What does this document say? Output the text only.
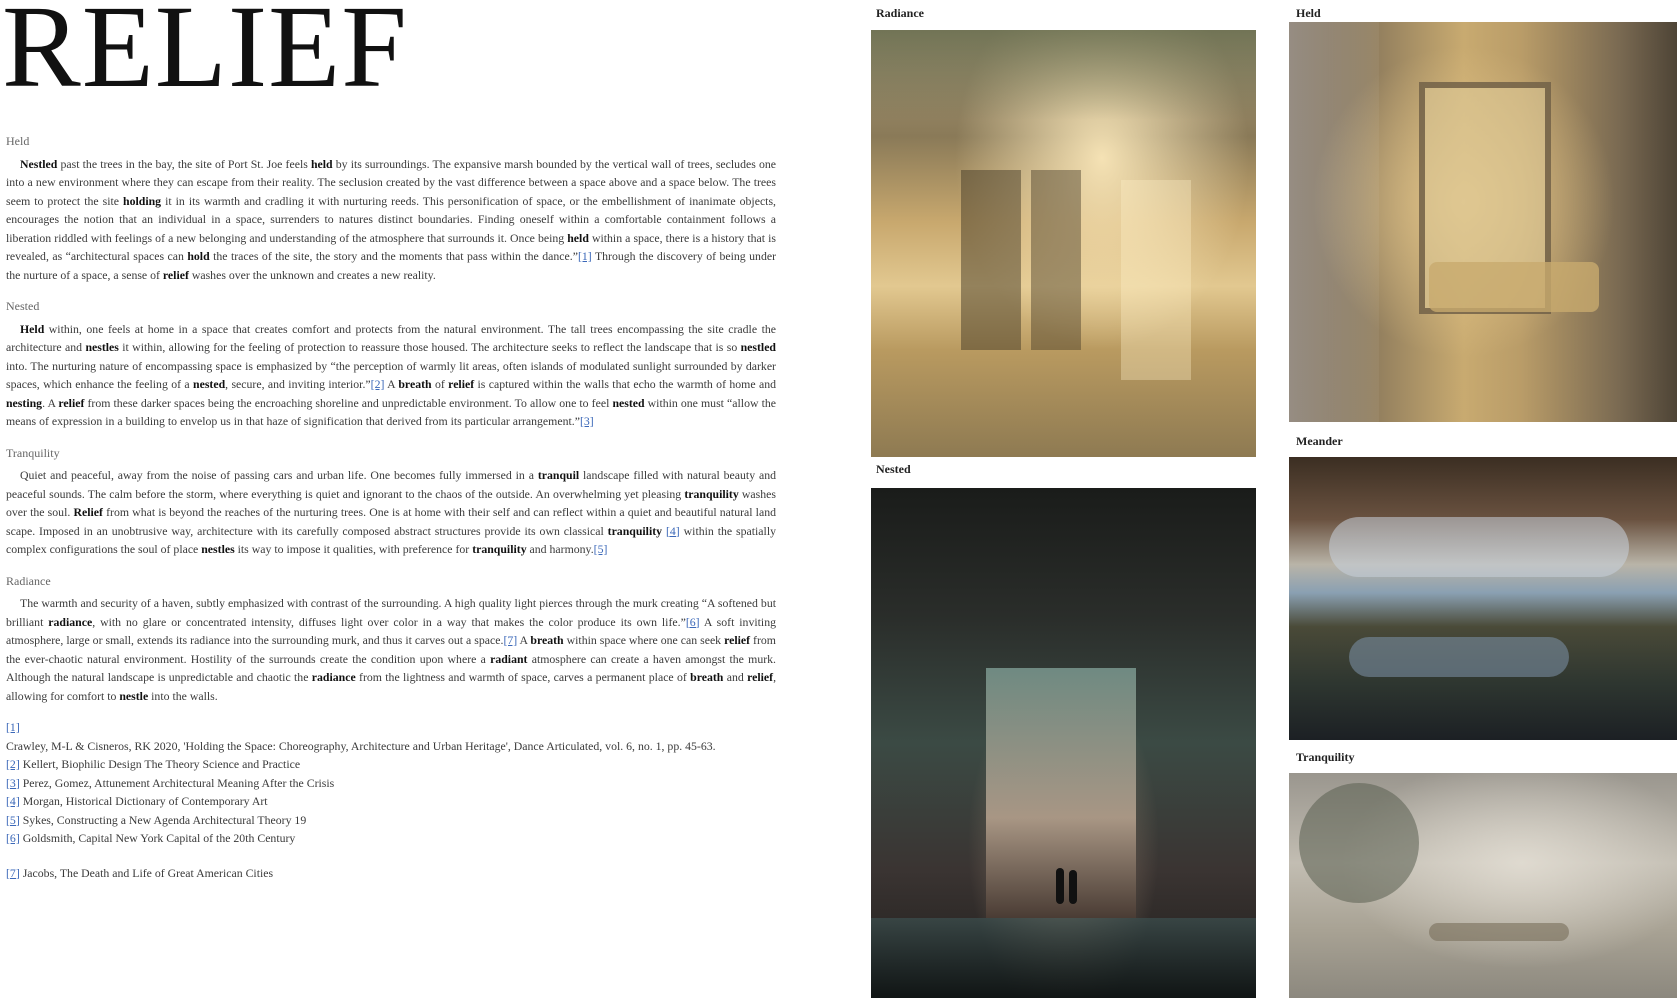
RELIEF
Held

Nestled past the trees in the bay, the site of Port St. Joe feels held by its surroundings. The expansive marsh bounded by the vertical wall of trees, secludes one into a new environment where they can escape from their reality. The seclusion created by the vast difference between a space above and a space below. The trees seem to protect the site holding it in its warmth and cradling it with nurturing reeds. This personification of space, or the embellishment of inanimate objects, encourages the notion that an individual in a space, surrenders to natures distinct boundaries. Finding oneself within a comfortable containment follows a liberation riddled with feelings of a new belonging and understanding of the atmosphere that surrounds it. Once being held within a space, there is a history that is revealed, as “architectural spaces can hold the traces of the site, the story and the moments that pass within the dance.”[1] Through the discovery of being under the nurture of a space, a sense of relief washes over the unknown and creates a new reality.

Nested

Held within, one feels at home in a space that creates comfort and protects from the natural environment. The tall trees encompassing the site cradle the architecture and nestles it within, allowing for the feeling of protection to reassure those housed. The architecture seeks to reflect the landscape that is so nestled into. The nurturing nature of encompassing space is emphasized by “the perception of warmly lit areas, often islands of modulated sunlight surrounded by darker spaces, which enhance the feeling of a nested, secure, and inviting interior.”[2] A breath of relief is captured within the walls that echo the warmth of home and nesting. A relief from these darker spaces being the encroaching shoreline and unpredictable environment. To allow one to feel nested within one must “allow the means of expression in a building to envelop us in that haze of signification that derived from its particular arrangement.”[3]

Tranquility

Quiet and peaceful, away from the noise of passing cars and urban life. One becomes fully immersed in a tranquil landscape filled with natural beauty and peaceful sounds. The calm before the storm, where everything is quiet and ignorant to the chaos of the outside. An overwhelming yet pleasing tranquility washes over the soul. Relief from what is beyond the reaches of the nurturing trees. One is at home with their self and can reflect within a quiet and beautiful natural land scape. Imposed in an unobtrusive way, architecture with its carefully composed abstract structures provide its own classical tranquility [4] within the spatially complex configurations the soul of place nestles its way to impose it qualities, with preference for tranquility and harmony.[5]

Radiance

The warmth and security of a haven, subtly emphasized with contrast of the surrounding. A high quality light pierces through the murk creating “A softened but brilliant radiance, with no glare or concentrated intensity, diffuses light over color in a way that makes the color produce its own life.”[6] A soft inviting atmosphere, large or small, extends its radiance into the surrounding murk, and thus it carves out a space.[7] A breath within space where one can seek relief from the ever-chaotic natural environment. Hostility of the surrounds create the condition upon where a radiant atmosphere can create a haven amongst the murk. Although the natural landscape is unpredictable and chaotic the radiance from the lightness and warmth of space, carves a permanent place of breath and relief, allowing for comfort to nestle into the walls.

[1]

Crawley, M-L & Cisneros, RK 2020, 'Holding the Space: Choreography, Architecture and Urban Heritage', Dance Articulated, vol. 6, no. 1, pp. 45-63.

[2] Kellert, Biophilic Design The Theory Science and Practice

[3] Perez, Gomez, Attunement Architectural Meaning After the Crisis

[4] Morgan, Historical Dictionary of Contemporary Art

[5] Sykes, Constructing a New Agenda Architectural Theory 19

[6] Goldsmith, Capital New York Capital of the 20th Century

[7] Jacobs, The Death and Life of Great American Cities

Radiance	Held
Nested
Meander
Tranquility
